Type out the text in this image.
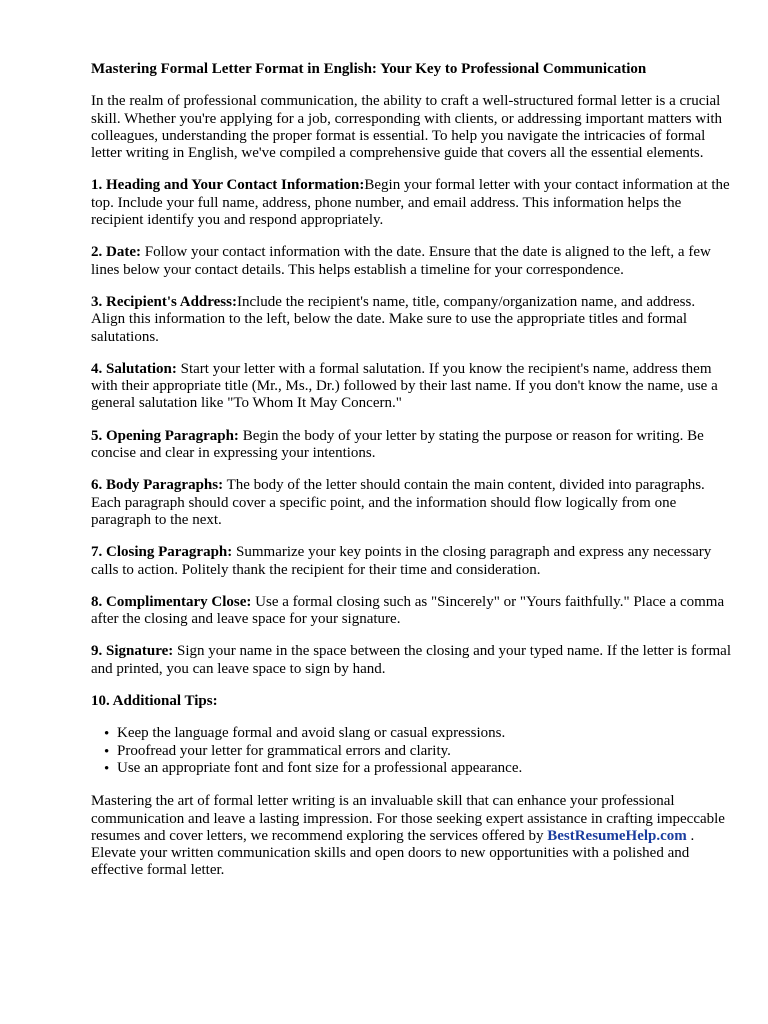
Mastering Formal Letter Format in English: Your Key to Professional Communication
In the realm of professional communication, the ability to craft a well-structured formal letter is a crucial skill. Whether you're applying for a job, corresponding with clients, or addressing important matters with colleagues, understanding the proper format is essential. To help you navigate the intricacies of formal letter writing in English, we've compiled a comprehensive guide that covers all the essential elements.
1. Heading and Your Contact Information:Begin your formal letter with your contact information at the top. Include your full name, address, phone number, and email address. This information helps the recipient identify you and respond appropriately.
2. Date: Follow your contact information with the date. Ensure that the date is aligned to the left, a few lines below your contact details. This helps establish a timeline for your correspondence.
3. Recipient's Address:Include the recipient's name, title, company/organization name, and address. Align this information to the left, below the date. Make sure to use the appropriate titles and formal salutations.
4. Salutation: Start your letter with a formal salutation. If you know the recipient's name, address them with their appropriate title (Mr., Ms., Dr.) followed by their last name. If you don't know the name, use a general salutation like "To Whom It May Concern."
5. Opening Paragraph: Begin the body of your letter by stating the purpose or reason for writing. Be concise and clear in expressing your intentions.
6. Body Paragraphs: The body of the letter should contain the main content, divided into paragraphs. Each paragraph should cover a specific point, and the information should flow logically from one paragraph to the next.
7. Closing Paragraph: Summarize your key points in the closing paragraph and express any necessary calls to action. Politely thank the recipient for their time and consideration.
8. Complimentary Close: Use a formal closing such as "Sincerely" or "Yours faithfully." Place a comma after the closing and leave space for your signature.
9. Signature: Sign your name in the space between the closing and your typed name. If the letter is formal and printed, you can leave space to sign by hand.
10. Additional Tips:
• Keep the language formal and avoid slang or casual expressions.
• Proofread your letter for grammatical errors and clarity.
• Use an appropriate font and font size for a professional appearance.
Mastering the art of formal letter writing is an invaluable skill that can enhance your professional communication and leave a lasting impression. For those seeking expert assistance in crafting impeccable resumes and cover letters, we recommend exploring the services offered by BestResumeHelp.com . Elevate your written communication skills and open doors to new opportunities with a polished and effective formal letter.
